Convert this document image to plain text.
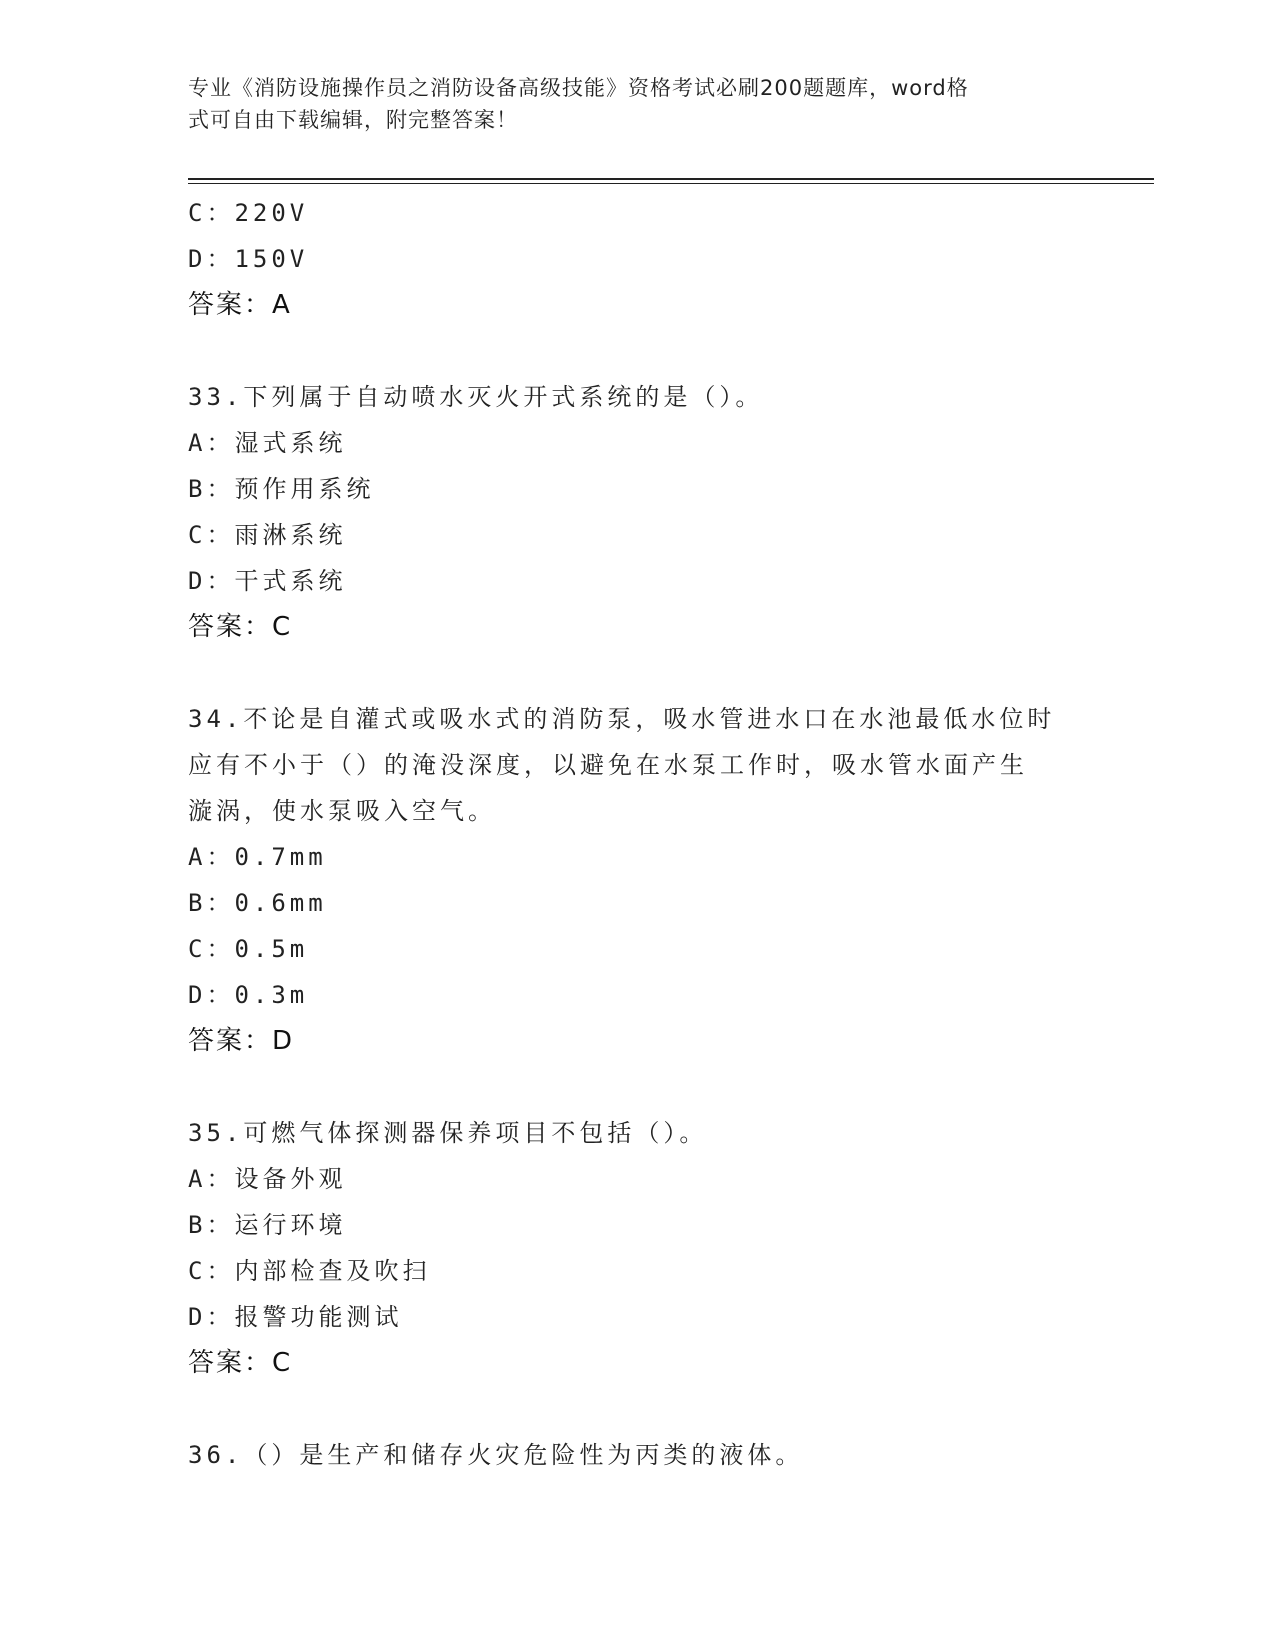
专业《消防设施操作员之消防设备高级技能》资格考试必刷200题题库，word格
式可自由下载编辑，附完整答案！
C：220V
D：150V
答案：A
33.下列属于自动喷水灭火开式系统的是（）。
A：湿式系统
B：预作用系统
C：雨淋系统
D：干式系统
答案：C
34.不论是自灌式或吸水式的消防泵，吸水管进水口在水池最低水位时
应有不小于（）的淹没深度，以避免在水泵工作时，吸水管水面产生
漩涡，使水泵吸入空气。
A：0.7mm
B：0.6mm
C：0.5m
D：0.3m
答案：D
35.可燃气体探测器保养项目不包括（）。
A：设备外观
B：运行环境
C：内部检查及吹扫
D：报警功能测试
答案：C
36.（）是生产和储存火灾危险性为丙类的液体。
